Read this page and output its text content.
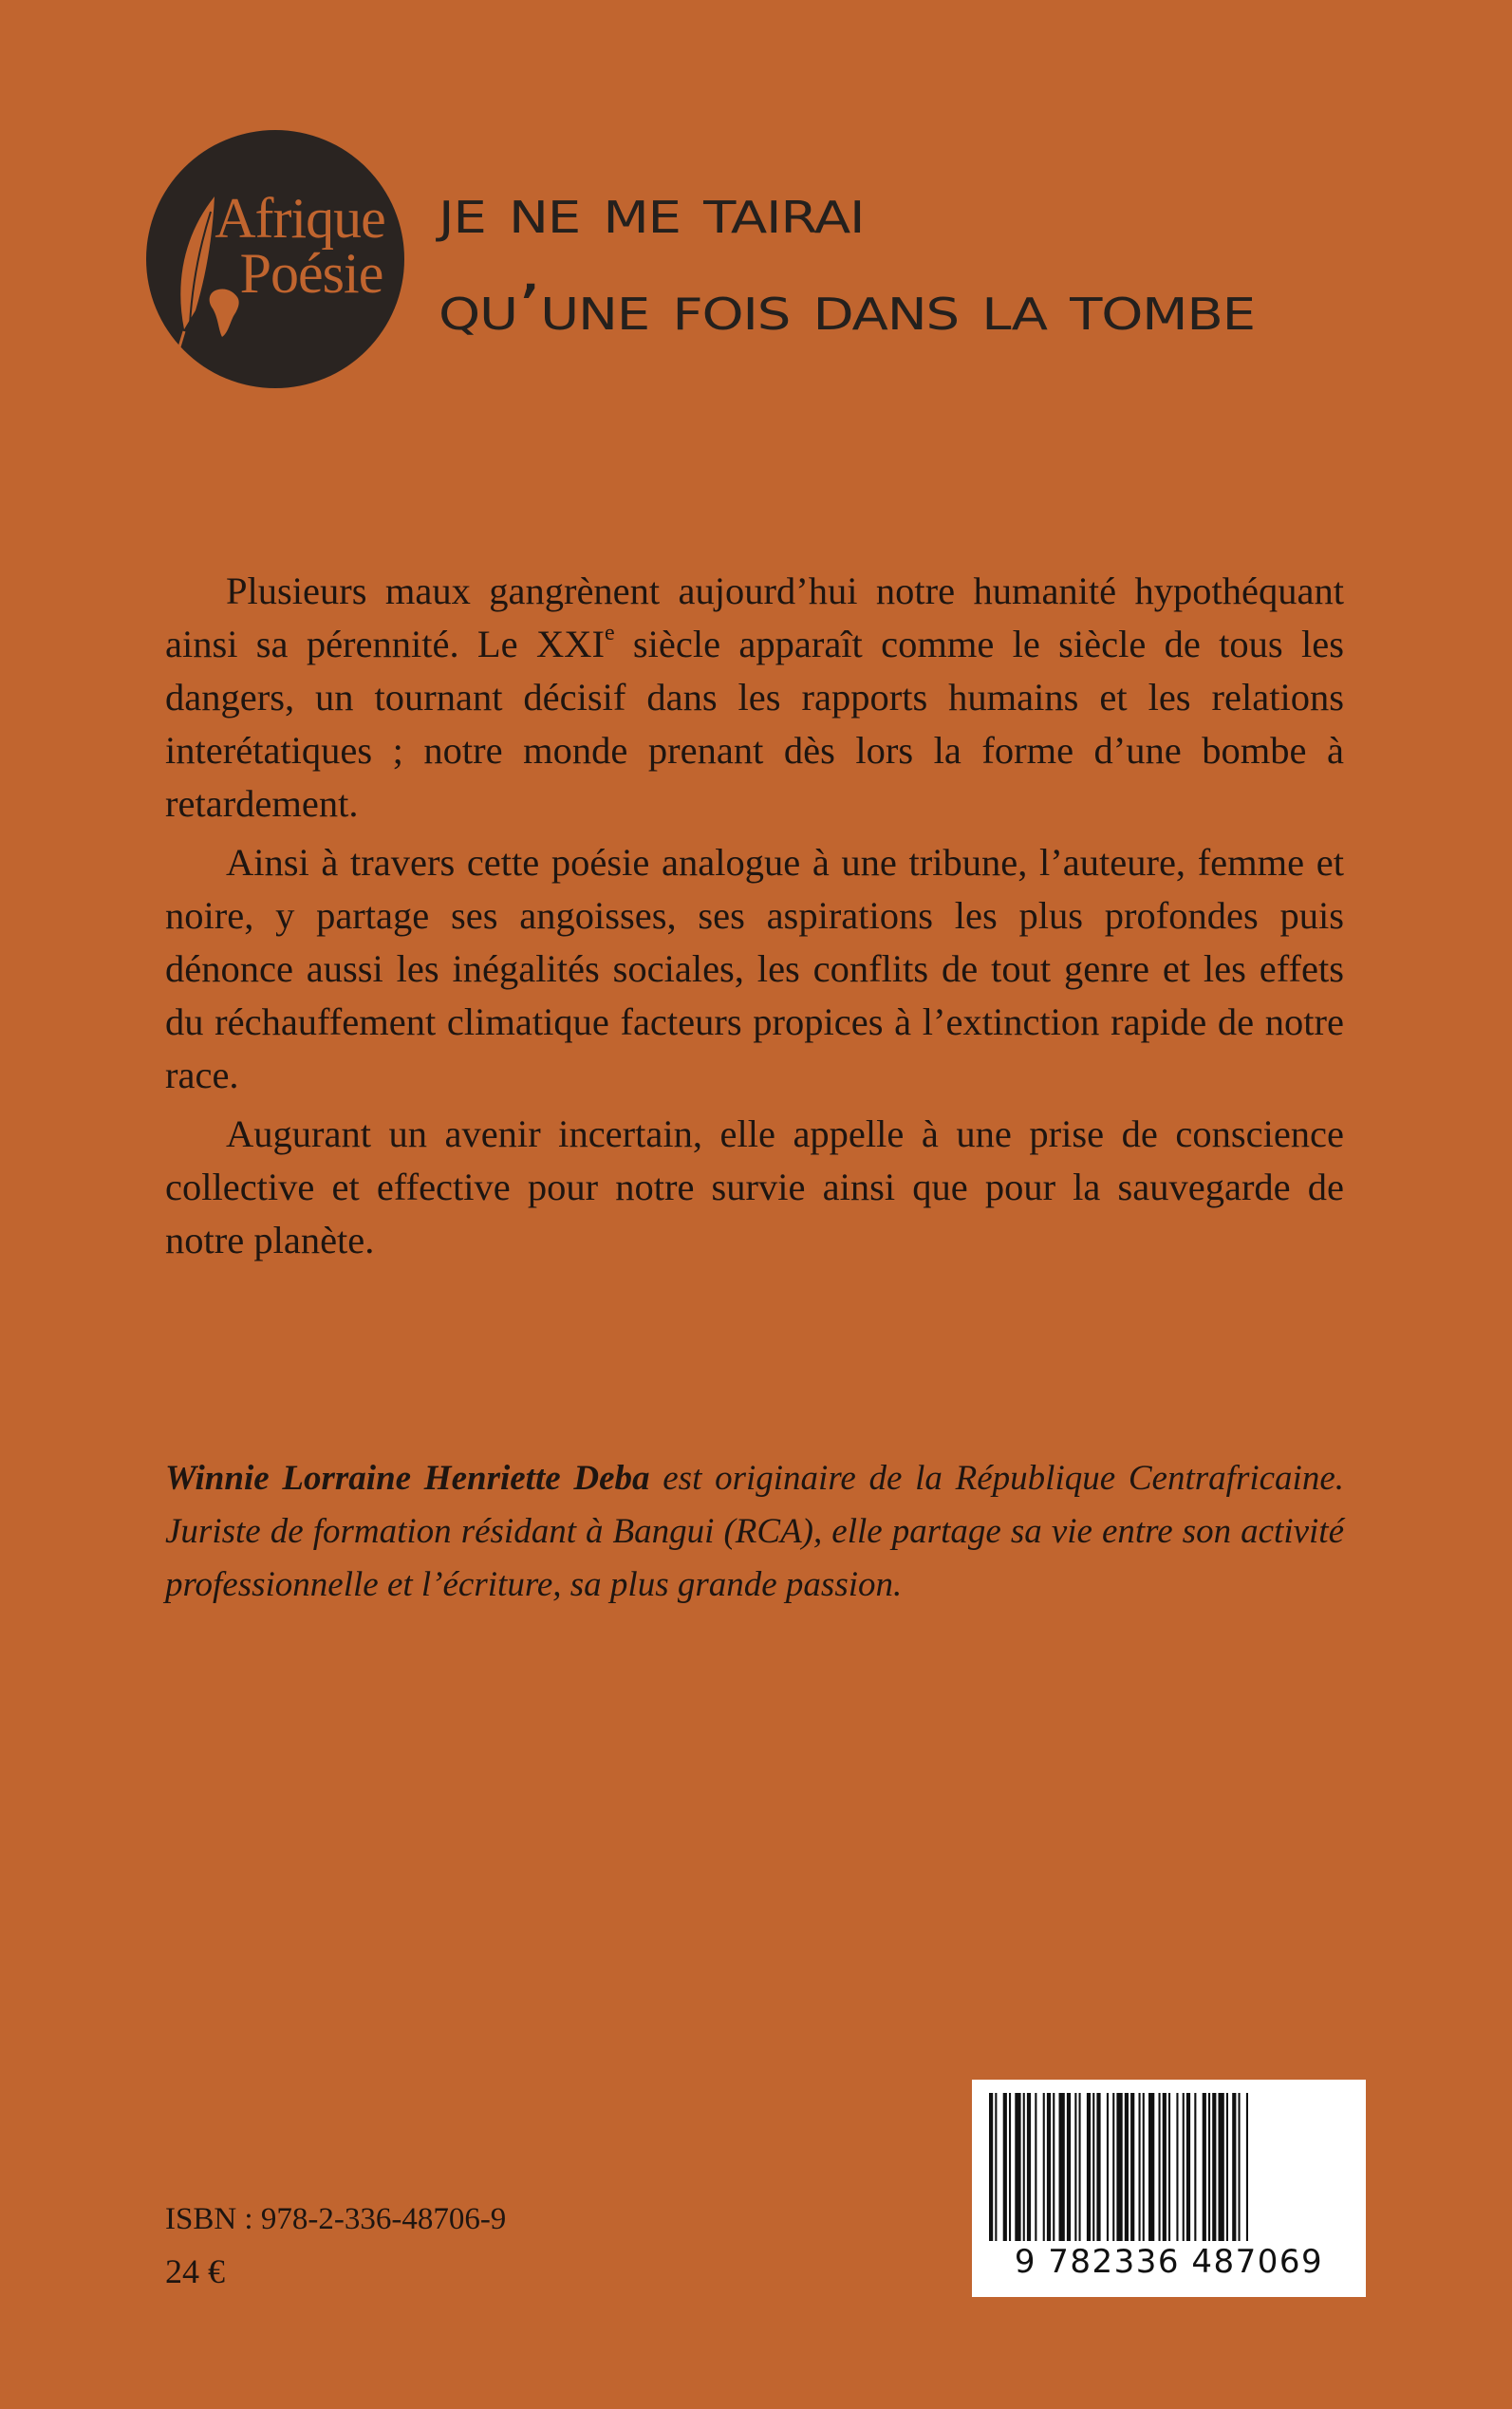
Afrique
Poésie
je ne me tairai
qu’une fois dans la tombe

Plusieurs maux gangrènent aujourd’hui notre humanité hypothéquant ainsi sa pérennité. Le XXIe siècle apparaît comme le siècle de tous les dangers, un tournant décisif dans les rapports humains et les relations interétatiques ; notre monde prenant dès lors la forme d’une bombe à retardement.

Ainsi à travers cette poésie analogue à une tribune, l’auteure, femme et noire, y partage ses angoisses, ses aspirations les plus profondes puis dénonce aussi les inégalités sociales, les conflits de tout genre et les effets du réchauffement climatique facteurs propices à l’extinction rapide de notre race.

Augurant un avenir incertain, elle appelle à une prise de conscience collective et effective pour notre survie ainsi que pour la sauvegarde de notre planète.

Winnie Lorraine Henriette Deba est originaire de la République Centrafricaine. Juriste de formation résidant à Bangui (RCA), elle partage sa vie entre son activité professionnelle et l’écriture, sa plus grande passion.
ISBN : 978-2-336-48706-9
24 €	9 782336 487069
